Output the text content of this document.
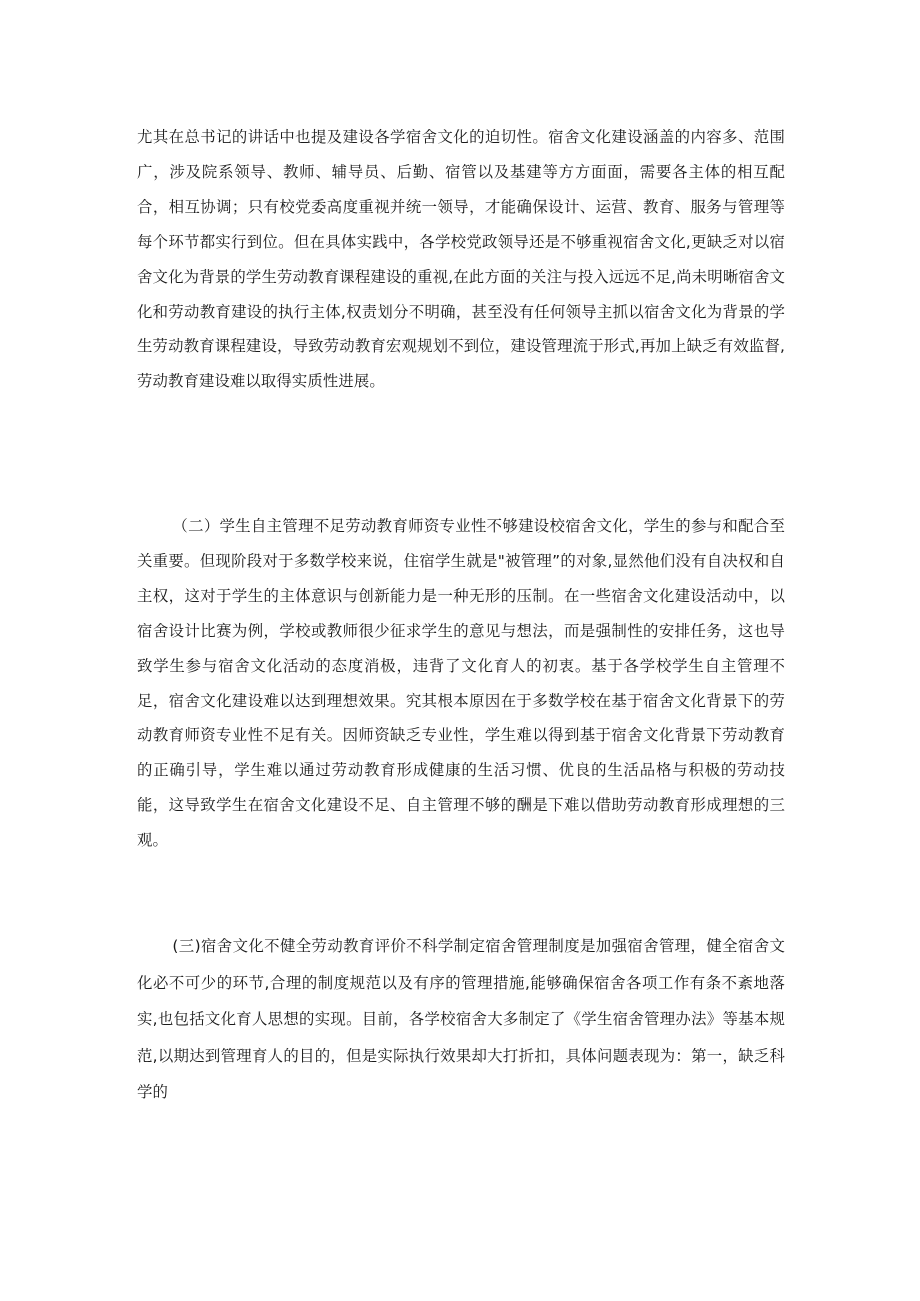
尤其在总书记的讲话中也提及建设各学宿舍文化的迫切性。宿舍文化建设涵盖的内容多、范围广，涉及院系领导、教师、辅导员、后勤、宿管以及基建等方方面面，需要各主体的相互配合，相互协调；只有校党委高度重视并统一领导，才能确保设计、运营、教育、服务与管理等每个环节都实行到位。但在具体实践中，各学校党政领导还是不够重视宿舍文化,更缺乏对以宿舍文化为背景的学生劳动教育课程建设的重视,在此方面的关注与投入远远不足,尚未明晰宿舍文化和劳动教育建设的执行主体,权责划分不明确，甚至没有任何领导主抓以宿舍文化为背景的学生劳动教育课程建设，导致劳动教育宏观规划不到位，建设管理流于形式,再加上缺乏有效监督,劳动教育建设难以取得实质性进展。

（二）学生自主管理不足劳动教育师资专业性不够建设校宿舍文化，学生的参与和配合至关重要。但现阶段对于多数学校来说，住宿学生就是"被管理”的对象,显然他们没有自决权和自主权，这对于学生的主体意识与创新能力是一种无形的压制。在一些宿舍文化建设活动中，以宿舍设计比赛为例，学校或教师很少征求学生的意见与想法，而是强制性的安排任务，这也导致学生参与宿舍文化活动的态度消极，违背了文化育人的初衷。基于各学校学生自主管理不足，宿舍文化建设难以达到理想效果。究其根本原因在于多数学校在基于宿舍文化背景下的劳动教育师资专业性不足有关。因师资缺乏专业性，学生难以得到基于宿舍文化背景下劳动教育的正确引导，学生难以通过劳动教育形成健康的生活习惯、优良的生活品格与积极的劳动技能，这导致学生在宿舍文化建设不足、自主管理不够的酬是下难以借助劳动教育形成理想的三观。

(三)宿舍文化不健全劳动教育评价不科学制定宿舍管理制度是加强宿舍管理，健全宿舍文化必不可少的环节,合理的制度规范以及有序的管理措施,能够确保宿舍各项工作有条不紊地落实,也包括文化育人思想的实现。目前，各学校宿舍大多制定了《学生宿舍管理办法》等基本规范,以期达到管理育人的目的，但是实际执行效果却大打折扣，具体问题表现为：第一，缺乏科学的
